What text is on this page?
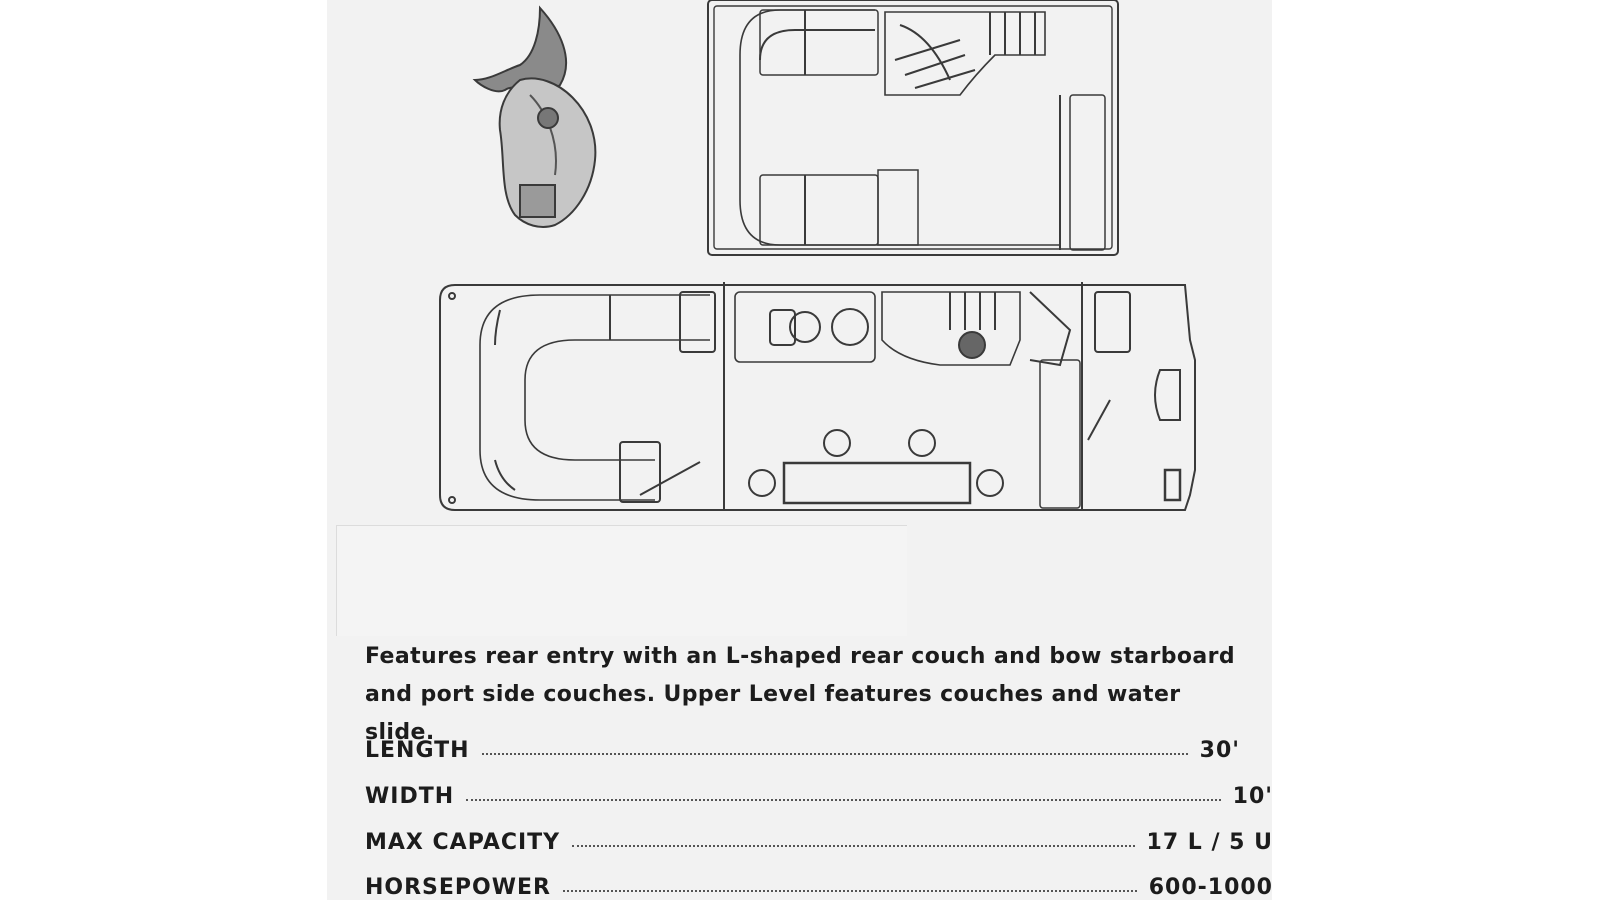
Features rear entry with an L-shaped rear couch and bow starboard and port side couches. Upper Level features couches and water slide.

LENGTH	30'
WIDTH	10'
MAX CAPACITY	17 L / 5 U
HORSEPOWER	600-1000
